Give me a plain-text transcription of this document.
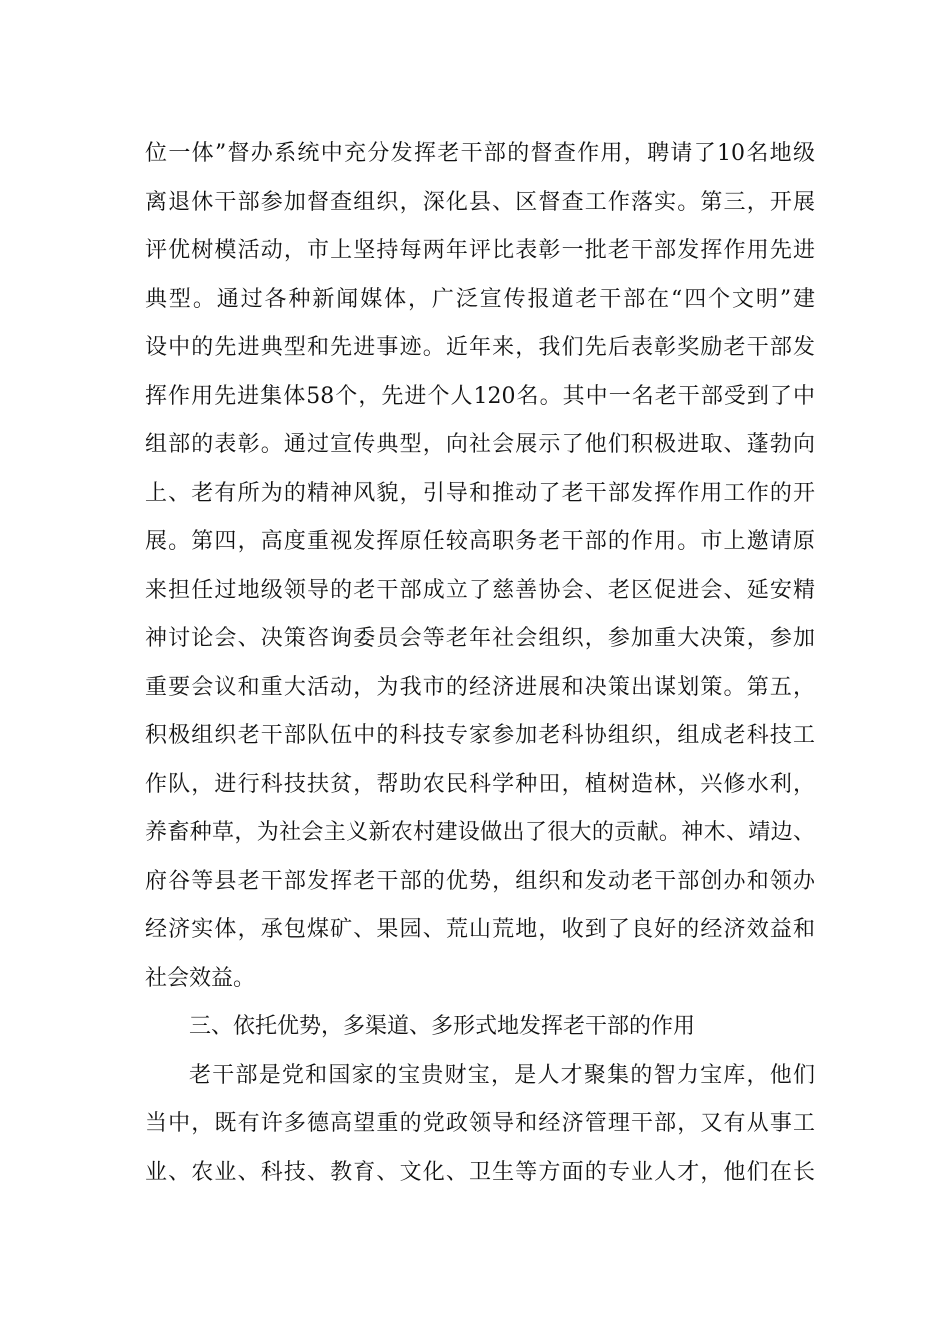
位一体”督办系统中充分发挥老干部的督查作用，聘请了10名地级
离退休干部参加督查组织，深化县、区督查工作落实。第三，开展
评优树模活动，市上坚持每两年评比表彰一批老干部发挥作用先进
典型。通过各种新闻媒体，广泛宣传报道老干部在“四个文明”建
设中的先进典型和先进事迹。近年来，我们先后表彰奖励老干部发
挥作用先进集体58个，先进个人120名。其中一名老干部受到了中
组部的表彰。通过宣传典型，向社会展示了他们积极进取、蓬勃向
上、老有所为的精神风貌，引导和推动了老干部发挥作用工作的开
展。第四，高度重视发挥原任较高职务老干部的作用。市上邀请原
来担任过地级领导的老干部成立了慈善协会、老区促进会、延安精
神讨论会、决策咨询委员会等老年社会组织，参加重大决策，参加
重要会议和重大活动，为我市的经济进展和决策出谋划策。第五，
积极组织老干部队伍中的科技专家参加老科协组织，组成老科技工
作队，进行科技扶贫，帮助农民科学种田，植树造林，兴修水利，
养畜种草，为社会主义新农村建设做出了很大的贡献。神木、靖边、
府谷等县老干部发挥老干部的优势，组织和发动老干部创办和领办
经济实体，承包煤矿、果园、荒山荒地，收到了良好的经济效益和
社会效益。
三、依托优势，多渠道、多形式地发挥老干部的作用
老干部是党和国家的宝贵财宝，是人才聚集的智力宝库，他们
当中，既有许多德高望重的党政领导和经济管理干部，又有从事工
业、农业、科技、教育、文化、卫生等方面的专业人才，他们在长
